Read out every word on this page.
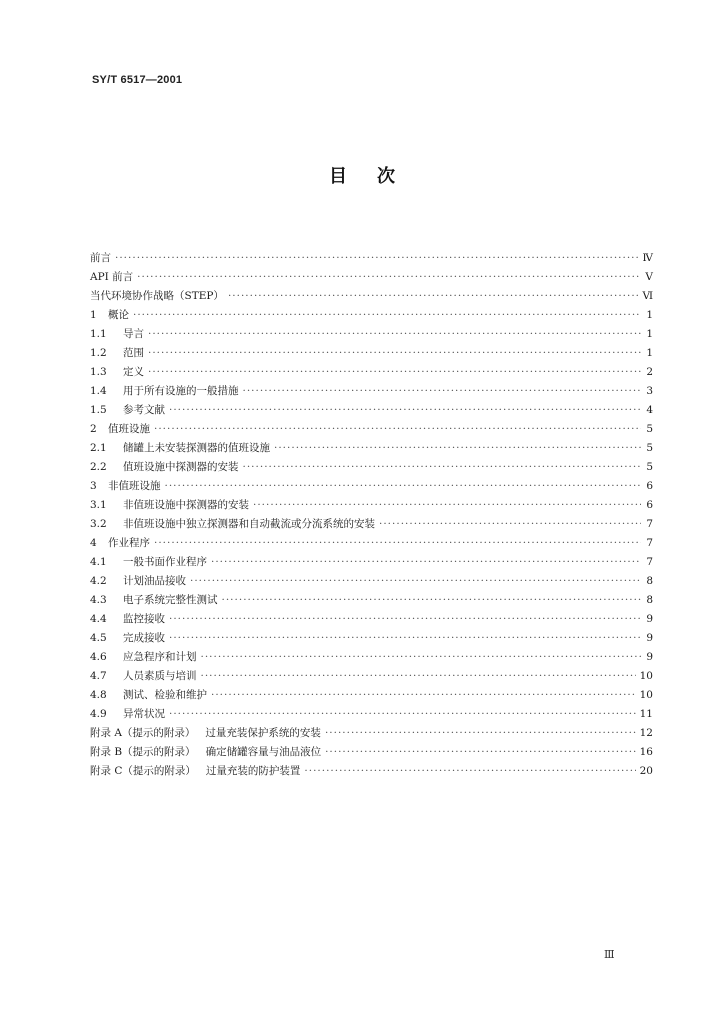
SY/T 6517—2001
目次
前言 ·····	Ⅳ
API 前言 ·····	Ⅴ
当代环境协作战略（STEP） ·····	Ⅵ
1	概论 ·····	1
1.1	导言 ·····	1
1.2	范围 ·····	1
1.3	定义 ·····	2
1.4	用于所有设施的一般措施 ·····	3
1.5	参考文献 ·····	4
2	值班设施 ·····	5
2.1	储罐上未安装探测器的值班设施 ·····	5
2.2	值班设施中探测器的安装 ·····	5
3	非值班设施 ·····	6
3.1	非值班设施中探测器的安装 ·····	6
3.2	非值班设施中独立探测器和自动截流或分流系统的安装 ·····	7
4	作业程序 ·····	7
4.1	一般书面作业程序 ·····	7
4.2	计划油品接收 ·····	8
4.3	电子系统完整性测试 ·····	8
4.4	监控接收 ·····	9
4.5	完成接收 ·····	9
4.6	应急程序和计划 ·····	9
4.7	人员素质与培训 ·····	10
4.8	测试、检验和维护 ·····	10
4.9	异常状况 ·····	11
附录 A（提示的附录）   过量充装保护系统的安装 ·····	12
附录 B（提示的附录）   确定储罐容量与油品液位 ·····	16
附录 C（提示的附录）   过量充装的防护装置 ·····	20
Ⅲ
